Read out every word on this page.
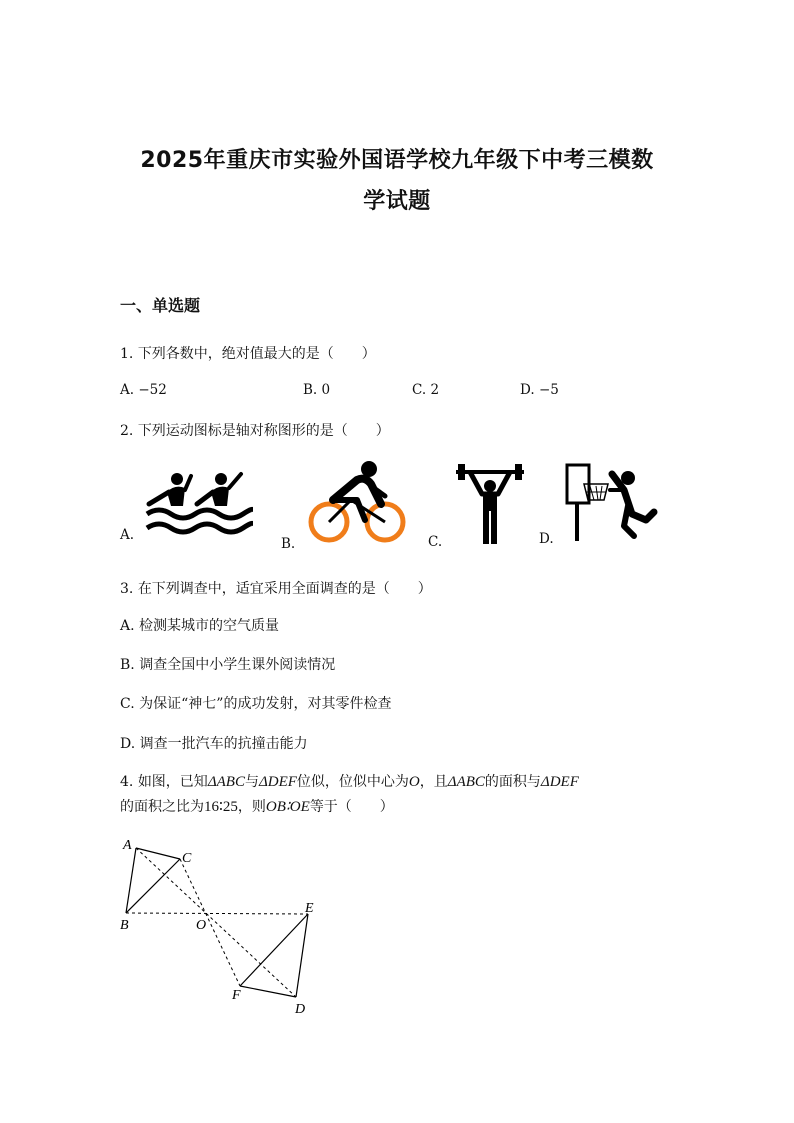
2025年重庆市实验外国语学校九年级下中考三模数
学试题
一、单选题
1. 下列各数中，绝对值最大的是（　　）
A. −52	B. 0	C. 2	D. −5
2. 下列运动图标是轴对称图形的是（　　）
A.
B.	C.	D.
3. 在下列调查中，适宜采用全面调查的是（　　）
A. 检测某城市的空气质量
B. 调查全国中小学生课外阅读情况
C. 为保证“神七”的成功发射，对其零件检查
D. 调查一批汽车的抗撞击能力
4. 如图，已知ΔABC与ΔDEF位似，位似中心为O，且ΔABC的面积与ΔDEF
的面积之比为16∶25，则OB∶OE等于（　　）
A
B
C
O
E
F
D
